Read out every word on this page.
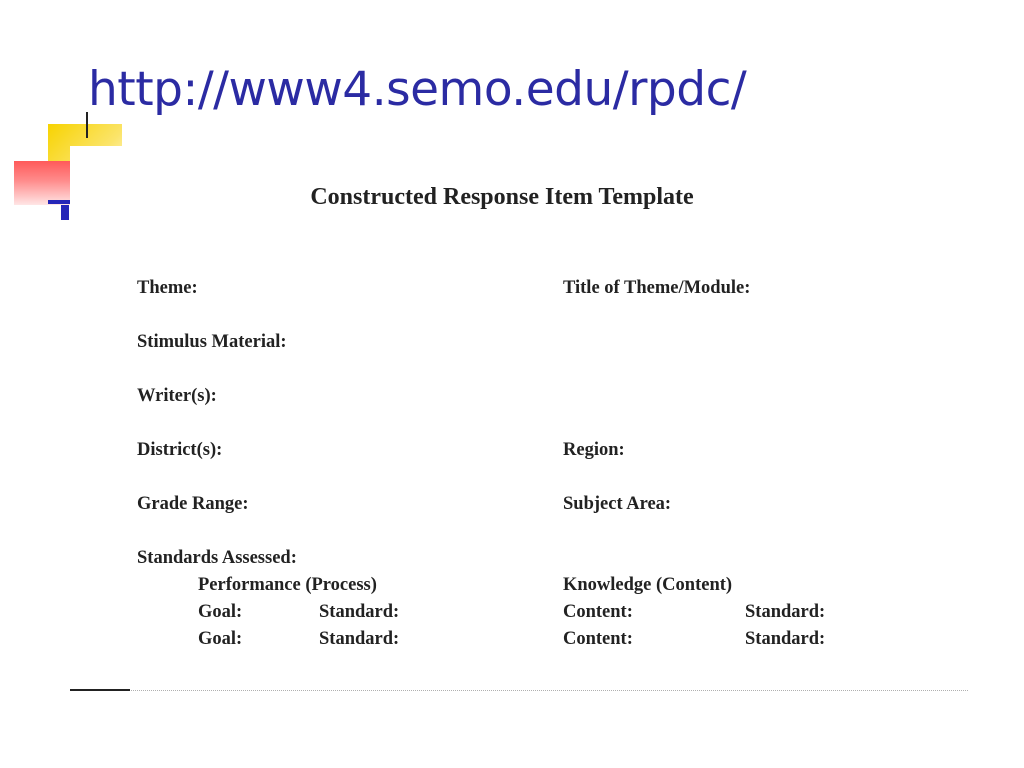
Constructed Response Item Template
Theme:	Title of Theme/Module:
Stimulus Material:
Writer(s):
District(s):	Region:
Grade Range:	Subject Area:
Standards Assessed:
Performance (Process)	Knowledge (Content)
Goal:	Standard:	Content:	Standard:
Goal:	Standard:	Content:	Standard:
http://www4.semo.edu/rpdc/
